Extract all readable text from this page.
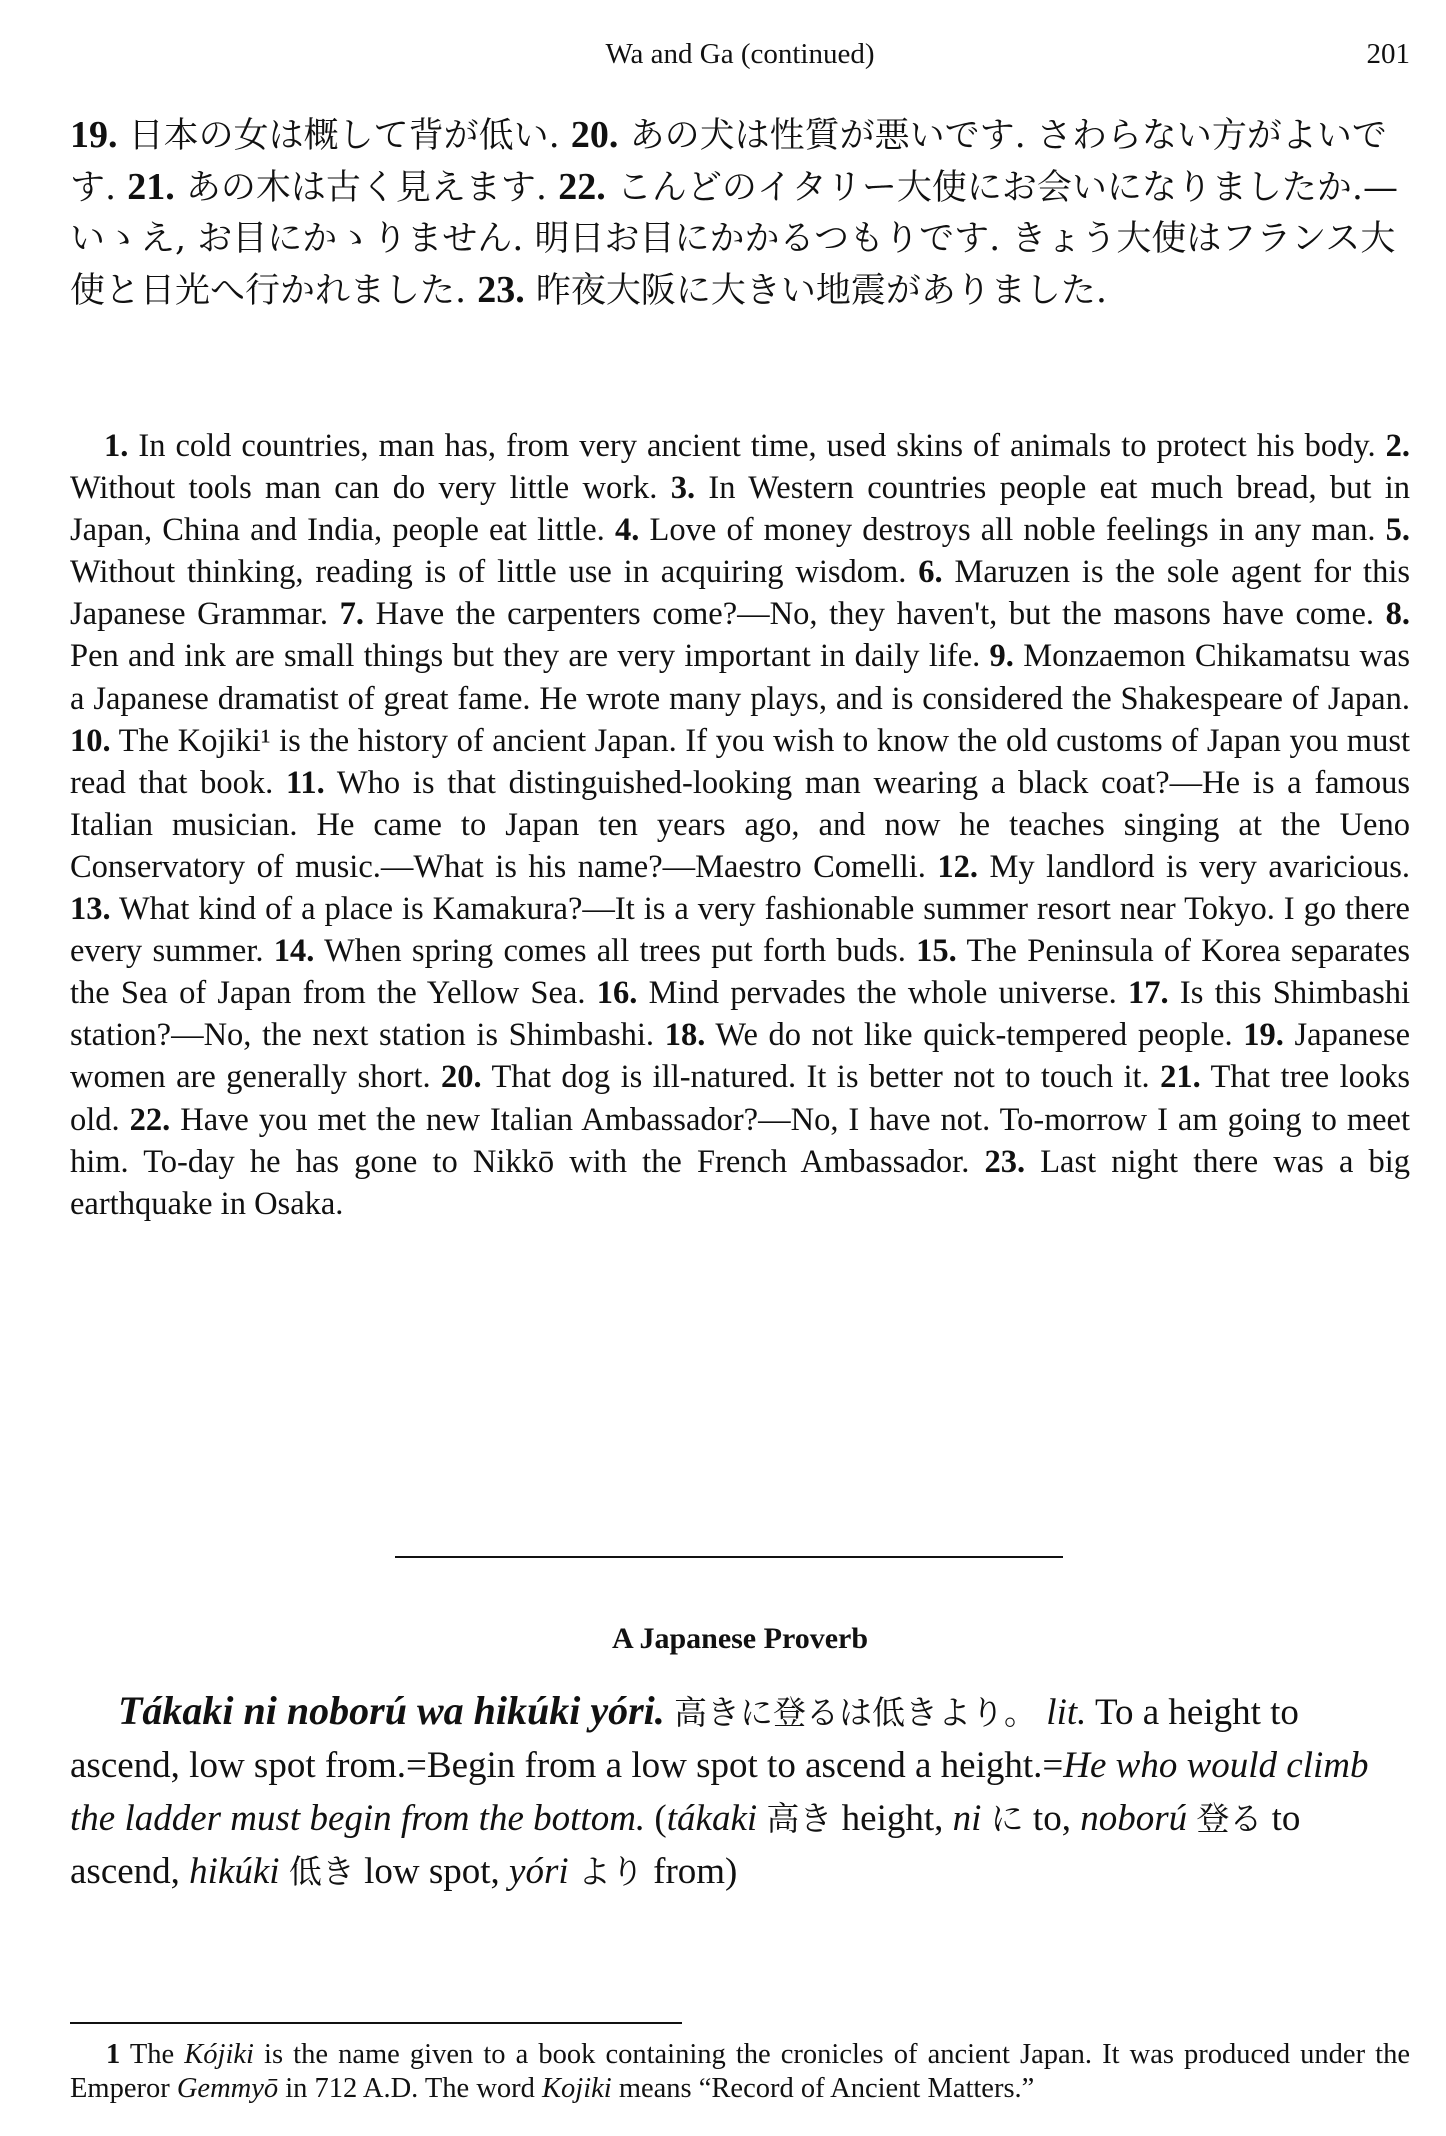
Wa and Ga (continued)	201
19. 日本の女は概して背が低い. 20. あの犬は性質が悪いです. さわらない方がよいです. 21. あの木は古く見えます. 22. こんどのイタリー大使にお会いになりましたか.—いゝえ, お目にかゝりません. 明日お目にかかるつもりです. きょう大使はフランス大使と日光へ行かれました. 23. 昨夜大阪に大きい地震がありました.
1. In cold countries, man has, from very ancient time, used skins of animals to protect his body. 2. Without tools man can do very little work. 3. In Western countries people eat much bread, but in Japan, China and India, people eat little. 4. Love of money destroys all noble feelings in any man. 5. Without thinking, reading is of little use in acquiring wisdom. 6. Maruzen is the sole agent for this Japanese Grammar. 7. Have the carpenters come?—No, they haven't, but the masons have come. 8. Pen and ink are small things but they are very important in daily life. 9. Monzaemon Chikamatsu was a Japanese dramatist of great fame. He wrote many plays, and is considered the Shakespeare of Japan. 10. The Kojiki¹ is the history of ancient Japan. If you wish to know the old customs of Japan you must read that book. 11. Who is that distinguished-looking man wearing a black coat?—He is a famous Italian musician. He came to Japan ten years ago, and now he teaches singing at the Ueno Conservatory of music.—What is his name?—Maestro Comelli. 12. My landlord is very avaricious. 13. What kind of a place is Kamakura?—It is a very fashionable summer resort near Tokyo. I go there every summer. 14. When spring comes all trees put forth buds. 15. The Peninsula of Korea separates the Sea of Japan from the Yellow Sea. 16. Mind pervades the whole universe. 17. Is this Shimbashi station?—No, the next station is Shimbashi. 18. We do not like quick-tempered people. 19. Japanese women are generally short. 20. That dog is ill-natured. It is better not to touch it. 21. That tree looks old. 22. Have you met the new Italian Ambassador?—No, I have not. To-morrow I am going to meet him. To-day he has gone to Nikkō with the French Ambassador. 23. Last night there was a big earthquake in Osaka.
A Japanese Proverb
Tákaki ni noború wa hikúki yóri. 高きに登るは低きより。 lit. To a height to ascend, low spot from.=Begin from a low spot to ascend a height.=He who would climb the ladder must begin from the bottom. (tákaki 高き height, ni に to, noború 登る to ascend, hikúki 低き low spot, yóri より from)
1 The Kójiki is the name given to a book containing the cronicles of ancient Japan. It was produced under the Emperor Gemmyō in 712 A.D. The word Kojiki means “Record of Ancient Matters.”
